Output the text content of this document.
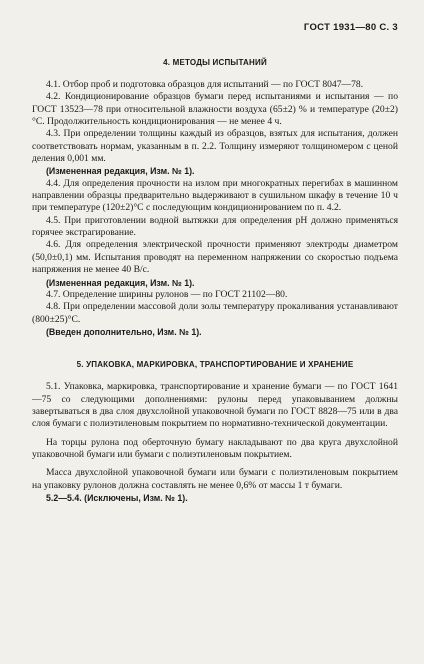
ГОСТ 1931—80 С. 3
4. МЕТОДЫ ИСПЫТАНИЙ

4.1. Отбор проб и подготовка образцов для испытаний — по ГОСТ 8047—78.

4.2. Кондиционирование образцов бумаги перед испытаниями и испытания — по ГОСТ 13523—78 при относительной влажности воздуха (65±2) % и температуре (20±2)°С. Продолжительность кондиционирования — не менее 4 ч.

4.3. При определении толщины каждый из образцов, взятых для испытания, должен соответствовать нормам, указанным в п. 2.2. Толщину измеряют толщиномером с ценой деления 0,001 мм.

(Измененная редакция, Изм. № 1).

4.4. Для определения прочности на излом при многократных перегибах в машинном направлении образцы предварительно выдерживают в сушильном шкафу в течение 10 ч при температуре (120±2)°С с последующим кондиционированием по п. 4.2.

4.5. При приготовлении водной вытяжки для определения рН должно применяться горячее экстрагирование.

4.6. Для определения электрической прочности применяют электроды диаметром (50,0±0,1) мм. Испытания проводят на переменном напряжении со скоростью подъема напряжения не менее 40 В/с.

(Измененная редакция, Изм. № 1).

4.7. Определение ширины рулонов — по ГОСТ 21102—80.

4.8. При определении массовой доли золы температуру прокаливания устанавливают (800±25)°С.

(Введен дополнительно, Изм. № 1).

5. УПАКОВКА, МАРКИРОВКА, ТРАНСПОРТИРОВАНИЕ И ХРАНЕНИЕ

5.1. Упаковка, маркировка, транспортирование и хранение бумаги — по ГОСТ 1641—75 со следующими дополнениями: рулоны перед упаковыванием должны завертываться в два слоя двухслойной упаковочной бумаги по ГОСТ 8828—75 или в два слоя бумаги с полиэтиленовым покрытием по нормативно-технической документации.

На торцы рулона под оберточную бумагу накладывают по два круга двухслойной упаковочной бумаги или бумаги с полиэтиленовым покрытием.

Масса двухслойной упаковочной бумаги или бумаги с полиэтиленовым покрытием на упаковку рулонов должна составлять не менее 0,6% от массы 1 т бумаги.

5.2—5.4. (Исключены, Изм. № 1).
